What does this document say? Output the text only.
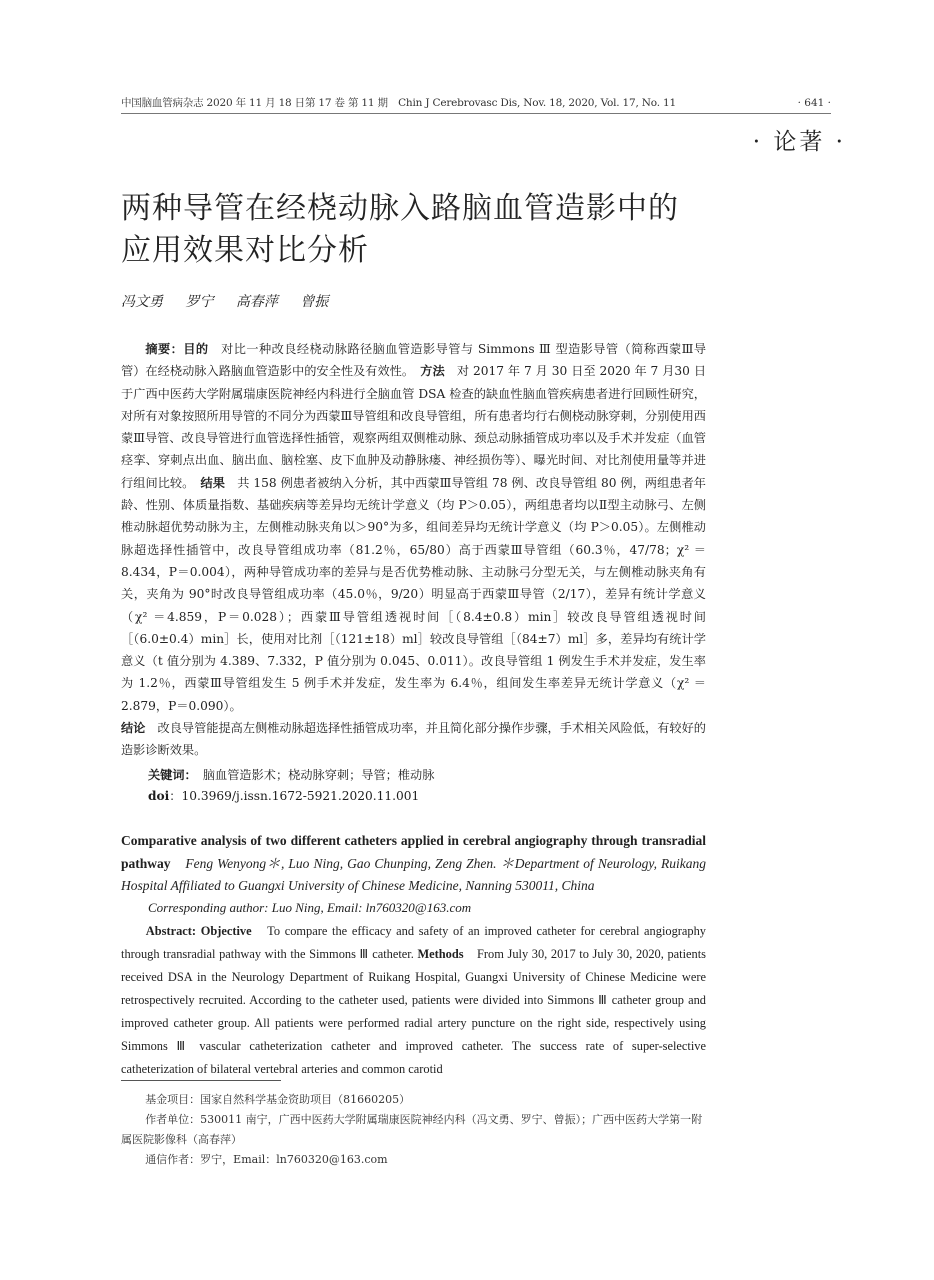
中国脑血管病杂志 2020 年 11 月 18 日第 17 卷 第 11 期　Chin J Cerebrovasc Dis, Nov. 18, 2020, Vol. 17, No. 11	· 641 ·
· 论著 ·
两种导管在经桡动脉入路脑血管造影中的
应用效果对比分析
冯文勇 罗宁 高春萍 曾振

摘要：目的　对比一种改良经桡动脉路径脑血管造影导管与 Simmons Ⅲ 型造影导管（简称西蒙Ⅲ导管）在经桡动脉入路脑血管造影中的安全性及有效性。　 方法　对 2017 年 7 月 30 日至 2020 年 7 月30 日于广西中医药大学附属瑞康医院神经内科进行全脑血管 DSA 检查的缺血性脑血管疾病患者进行回顾性研究，对所有对象按照所用导管的不同分为西蒙Ⅲ导管组和改良导管组，所有患者均行右侧桡动脉穿刺，分别使用西蒙Ⅲ导管、改良导管进行血管选择性插管，观察两组双侧椎动脉、颈总动脉插管成功率以及手术并发症（血管痉挛、穿刺点出血、脑出血、脑栓塞、皮下血肿及动静脉瘘、神经损伤等）、曝光时间、对比剂使用量等并进行组间比较。　 结果　共 158 例患者被纳入分析，其中西蒙Ⅲ导管组 78 例、改良导管组 80 例，两组患者年龄、性别、体质量指数、基础疾病等差异均无统计学意义（均 P＞0.05），两组患者均以Ⅱ型主动脉弓、左侧椎动脉超优势动脉为主，左侧椎动脉夹角以＞90°为多，组间差异均无统计学意义（均 P＞0.05）。左侧椎动脉超选择性插管中，改良导管组成功率（81.2％，65/80）高于西蒙Ⅲ导管组（60.3％，47/78；χ² ＝8.434，P＝0.004），两种导管成功率的差异与是否优势椎动脉、主动脉弓分型无关，与左侧椎动脉夹角有关，夹角为 90°时改良导管组成功率（45.0％，9/20）明显高于西蒙Ⅲ导管（2/17），差异有统计学意义（χ² ＝4.859，P＝0.028）；西蒙Ⅲ导管组透视时间［（8.4±0.8）min］较改良导管组透视时间［（6.0±0.4）min］长，使用对比剂［（121±18）ml］较改良导管组［（84±7）ml］多，差异均有统计学意义（t 值分别为 4.389、7.332，P 值分别为 0.045、0.011）。改良导管组 1 例发生手术并发症，发生率为 1.2％，西蒙Ⅲ导管组发生 5 例手术并发症，发生率为 6.4％，组间发生率差异无统计学意义（χ² ＝2.879，P＝0.090）。

结论　改良导管能提高左侧椎动脉超选择性插管成功率，并且简化部分操作步骤，手术相关风险低，有较好的造影诊断效果。

关键词：　脑血管造影术；桡动脉穿刺；导管；椎动脉
doi：10.3969/j.issn.1672-5921.2020.11.001
Comparative analysis of two different catheters applied in cerebral angiography through transradial pathway　Feng Wenyong＊, Luo Ning, Gao Chunping, Zeng Zhen. ＊Department of Neurology, Ruikang Hospital Affiliated to Guangxi University of Chinese Medicine, Nanning 530011, China
Corresponding author: Luo Ning, Email: ln760320@163.com

Abstract: Objective　To compare the efficacy and safety of an improved catheter for cerebral angiography through transradial pathway with the Simmons Ⅲ catheter. Methods　From July 30, 2017 to July 30, 2020, patients received DSA in the Neurology Department of Ruikang Hospital, Guangxi University of Chinese Medicine were retrospectively recruited. According to the catheter used, patients were divided into Simmons Ⅲ catheter group and improved catheter group. All patients were performed radial artery puncture on the right side, respectively using Simmons Ⅲ vascular catheterization catheter and improved catheter. The success rate of super-selective catheterization of bilateral vertebral arteries and common carotid

基金项目：国家自然科学基金资助项目（81660205）

作者单位：530011 南宁，广西中医药大学附属瑞康医院神经内科（冯文勇、罗宁、曾振）；广西中医药大学第一附属医院影像科（高春萍）

通信作者：罗宁，Email：ln760320@163.com
